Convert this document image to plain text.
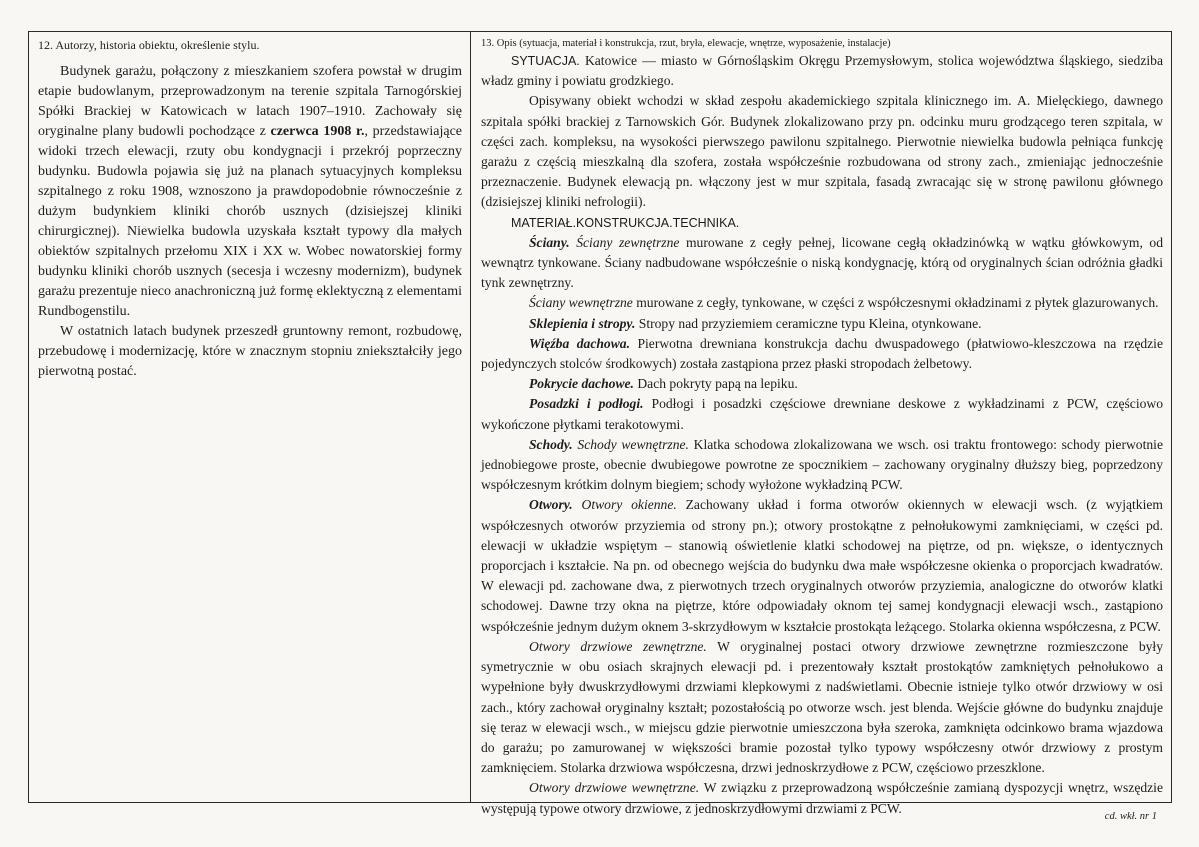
12. Autorzy, historia obiektu, określenie stylu.

Budynek garażu, połączony z mieszkaniem szofera powstał w drugim etapie budowlanym, przeprowadzonym na terenie szpitala Tarnogórskiej Spółki Brackiej w Katowicach w latach 1907–1910. Zachowały się oryginalne plany budowli pochodzące z czerwca 1908 r., przedstawiające widoki trzech elewacji, rzuty obu kondygnacji i przekrój poprzeczny budynku. Budowla pojawia się już na planach sytuacyjnych kompleksu szpitalnego z roku 1908, wznoszono ja prawdopodobnie równocześnie z dużym budynkiem kliniki chorób usznych (dzisiejszej kliniki chirurgicznej). Niewielka budowla uzyskała kształt typowy dla małych obiektów szpitalnych przełomu XIX i XX w. Wobec nowatorskiej formy budynku kliniki chorób usznych (secesja i wczesny modernizm), budynek garażu prezentuje nieco anachroniczną już formę eklektyczną z elementami Rundbogenstilu.

W ostatnich latach budynek przeszedł gruntowny remont, rozbudowę, przebudowę i modernizację, które w znacznym stopniu zniekształciły jego pierwotną postać.

13. Opis (sytuacja, materiał i konstrukcja, rzut, bryła, elewacje, wnętrze, wyposażenie, instalacje)

SYTUACJA. Katowice — miasto w Górnośląskim Okręgu Przemysłowym, stolica województwa śląskiego, siedziba władz gminy i powiatu grodzkiego.

Opisywany obiekt wchodzi w skład zespołu akademickiego szpitala klinicznego im. A. Mielęckiego, dawnego szpitala spółki brackiej z Tarnowskich Gór. Budynek zlokalizowano przy pn. odcinku muru grodzącego teren szpitala, w części zach. kompleksu, na wysokości pierwszego pawilonu szpitalnego. Pierwotnie niewielka budowla pełniąca funkcję garażu z częścią mieszkalną dla szofera, została współcześnie rozbudowana od strony zach., zmieniając jednocześnie przeznaczenie. Budynek elewacją pn. włączony jest w mur szpitala, fasadą zwracając się w stronę pawilonu głównego (dzisiejszej kliniki nefrologii).

MATERIAŁ.KONSTRUKCJA.TECHNIKA.

Ściany. Ściany zewnętrzne murowane z cegły pełnej, licowane cegłą okładzinówką w wątku główkowym, od wewnątrz tynkowane. Ściany nadbudowane współcześnie o niską kondygnację, którą od oryginalnych ścian odróżnia gładki tynk zewnętrzny.

Ściany wewnętrzne murowane z cegły, tynkowane, w części z współczesnymi okładzinami z płytek glazurowanych.

Sklepienia i stropy. Stropy nad przyziemiem ceramiczne typu Kleina, otynkowane.

Więźba dachowa. Pierwotna drewniana konstrukcja dachu dwuspadowego (płatwiowo-kleszczowa na rzędzie pojedynczych stolców środkowych) została zastąpiona przez płaski stropodach żelbetowy.

Pokrycie dachowe. Dach pokryty papą na lepiku.

Posadzki i podłogi. Podłogi i posadzki częściowe drewniane deskowe z wykładzinami z PCW, częściowo wykończone płytkami terakotowymi.

Schody. Schody wewnętrzne. Klatka schodowa zlokalizowana we wsch. osi traktu frontowego: schody pierwotnie jednobiegowe proste, obecnie dwubiegowe powrotne ze spocznikiem – zachowany oryginalny dłuższy bieg, poprzedzony współczesnym krótkim dolnym biegiem; schody wyłożone wykładziną PCW.

Otwory. Otwory okienne. Zachowany układ i forma otworów okiennych w elewacji wsch. (z wyjątkiem współczesnych otworów przyziemia od strony pn.); otwory prostokątne z pełnołukowymi zamknięciami, w części pd. elewacji w układzie wspiętym – stanowią oświetlenie klatki schodowej na piętrze, od pn. większe, o identycznych proporcjach i kształcie. Na pn. od obecnego wejścia do budynku dwa małe współczesne okienka o proporcjach kwadratów. W elewacji pd. zachowane dwa, z pierwotnych trzech oryginalnych otworów przyziemia, analogiczne do otworów klatki schodowej. Dawne trzy okna na piętrze, które odpowiadały oknom tej samej kondygnacji elewacji wsch., zastąpiono współcześnie jednym dużym oknem 3-skrzydłowym w kształcie prostokąta leżącego. Stolarka okienna współczesna, z PCW.

Otwory drzwiowe zewnętrzne. W oryginalnej postaci otwory drzwiowe zewnętrzne rozmieszczone były symetrycznie w obu osiach skrajnych elewacji pd. i prezentowały kształt prostokątów zamkniętych pełnołukowo a wypełnione były dwuskrzydłowymi drzwiami klepkowymi z nadświetlami. Obecnie istnieje tylko otwór drzwiowy w osi zach., który zachował oryginalny kształt; pozostałością po otworze wsch. jest blenda. Wejście główne do budynku znajduje się teraz w elewacji wsch., w miejscu gdzie pierwotnie umieszczona była szeroka, zamknięta odcinkowo brama wjazdowa do garażu; po zamurowanej w większości bramie pozostał tylko typowy współczesny otwór drzwiowy z prostym zamknięciem. Stolarka drzwiowa współczesna, drzwi jednoskrzydłowe z PCW, częściowo przeszklone.

Otwory drzwiowe wewnętrzne. W związku z przeprowadzoną współcześnie zamianą dyspozycji wnętrz, wszędzie występują typowe otwory drzwiowe, z jednoskrzydłowymi drzwiami z PCW.

cd. wkł. nr 1
